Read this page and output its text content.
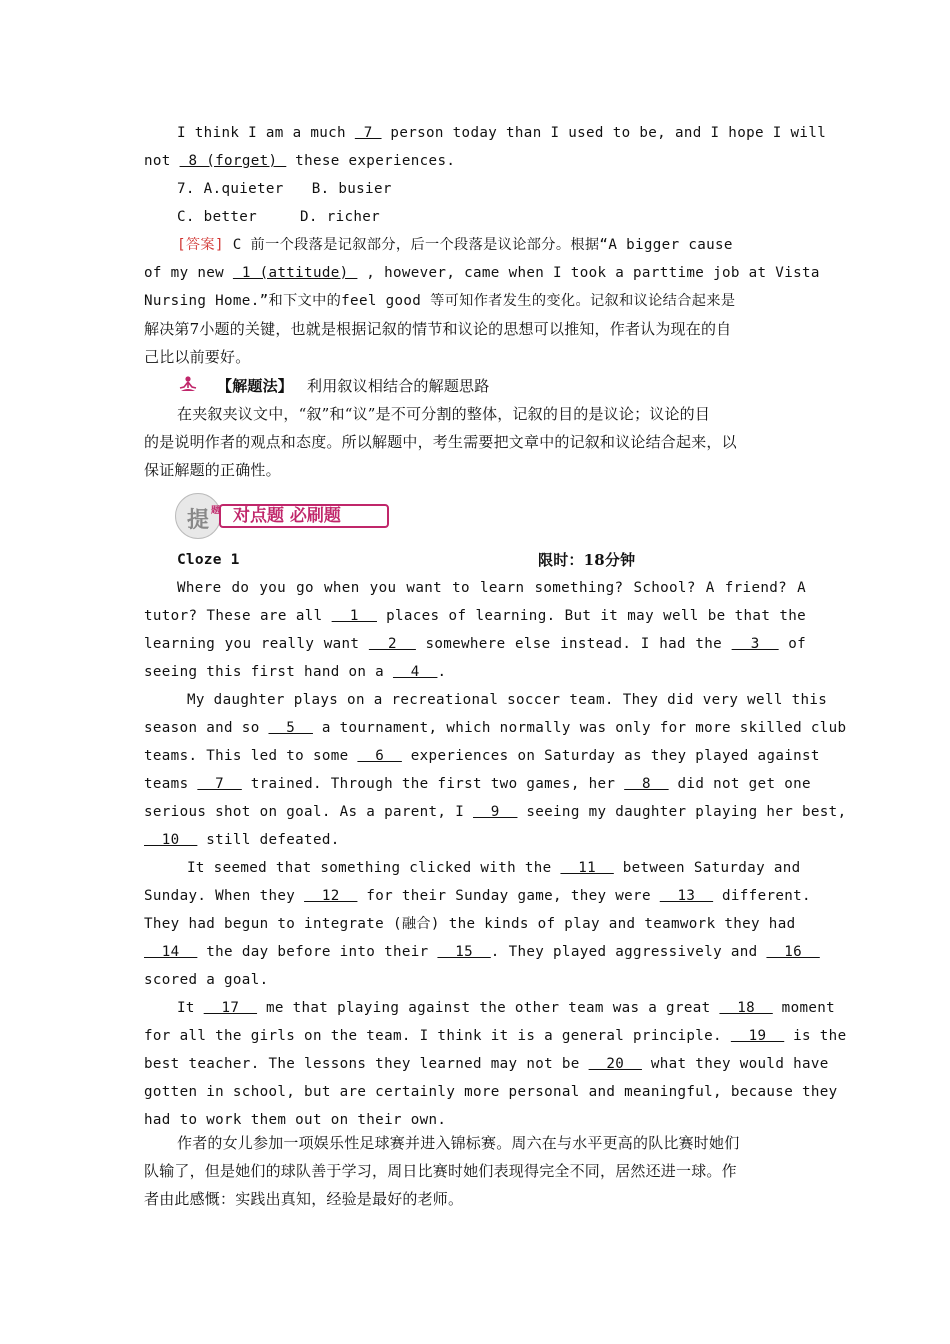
I think I am a much  7  person today than I used to be, and I hope I will
not  8 (forget)  these experiences.
7. A.quieter B. busier
C. better	D. richer
[答案] C 前一个段落是记叙部分，后一个段落是议论部分。根据“A bigger cause
of my new  1 (attitude)  , however, came when I took a parttime job at Vista
Nursing Home.”和下文中的feel good 等可知作者发生的变化。记叙和议论结合起来是
解决第7小题的关键，也就是根据记叙的情节和议论的思想可以推知，作者认为现在的自
己比以前要好。
【解题法】 利用叙议相结合的解题思路
在夹叙夹议文中，“叙”和“议”是不可分割的整体，记叙的目的是议论；议论的目
的是说明作者的观点和态度。所以解题中，考生需要把文章中的记叙和议论结合起来，以
保证解题的正确性。
提 题 对点题 必刷题
Cloze 1	限时：18分钟
Where do you go when you want to learn something? School? A friend? A
tutor? These are all   1   places of learning. But it may well be that the
learning you really want   2   somewhere else instead. I had the   3   of
seeing this first hand on a   4  .
My daughter plays on a recreational soccer team. They did very well this
season and so   5   a tournament, which normally was only for more skilled club
teams. This led to some   6   experiences on Saturday as they played against
teams   7   trained. Through the first two games, her   8   did not get one
serious shot on goal. As a parent, I   9   seeing my daughter playing her best,
10   still defeated.
It seemed that something clicked with the   11   between Saturday and
Sunday. When they   12   for their Sunday game, they were   13   different.
They had begun to integrate (融合) the kinds of play and teamwork they had
14   the day before into their   15  . They played aggressively and   16
scored a goal.
It   17   me that playing against the other team was a great   18   moment
for all the girls on the team. I think it is a general principle.   19   is the
best teacher. The lessons they learned may not be   20   what they would have
gotten in school, but are certainly more personal and meaningful, because they
had to work them out on their own.
作者的女儿参加一项娱乐性足球赛并进入锦标赛。周六在与水平更高的队比赛时她们
队输了，但是她们的球队善于学习，周日比赛时她们表现得完全不同，居然还进一球。作
者由此感慨：实践出真知，经验是最好的老师。
